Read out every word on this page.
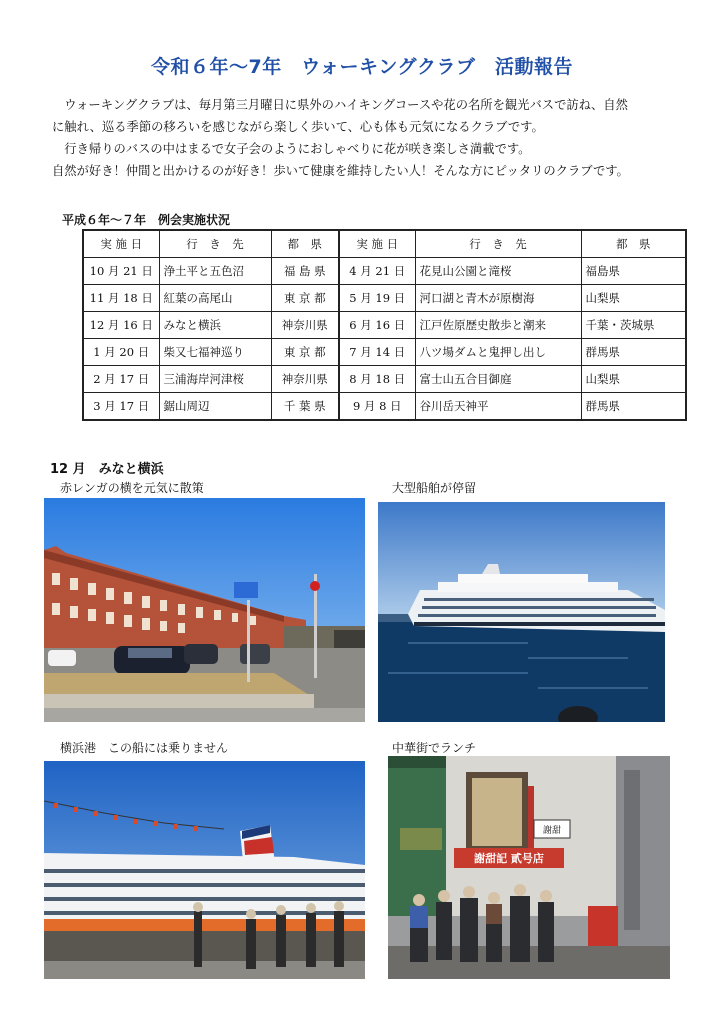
令和６年〜7年　ウォーキングクラブ　活動報告

　ウォーキングクラブは、毎月第三月曜日に県外のハイキングコースや花の名所を観光バスで訪ね、自然

に触れ、巡る季節の移ろいを感じながら楽しく歩いて、心も体も元気になるクラブです。

　行き帰りのバスの中はまるで女子会のようにおしゃべりに花が咲き楽しさ満載です。

自然が好き！仲間と出かけるのが好き！歩いて健康を維持したい人！そんな方にピッタリのクラブです。

平成６年〜７年　例会実施状況
実 施 日	行　き　先	都　県	実 施 日	行　き　先	都　県
10 月 21 日	浄土平と五色沼	福 島 県	4 月 21 日	花見山公園と滝桜	福島県
11 月 18 日	紅葉の高尾山	東 京 都	5 月 19 日	河口湖と青木が原樹海	山梨県
12 月 16 日	みなと横浜	神奈川県	6 月 16 日	江戸佐原歴史散歩と潮来	千葉・茨城県
1 月 20 日	柴又七福神巡り	東 京 都	7 月 14 日	八ツ場ダムと鬼押し出し	群馬県
2 月 17 日	三浦海岸河津桜	神奈川県	8 月 18 日	富士山五合目御庭	山梨県
3 月 17 日	鋸山周辺	千 葉 県	9 月 8 日	谷川岳天神平	群馬県
12 月　みなと横浜
赤レンガの横を元気に散策	大型船舶が停留
横浜港　この船には乗りません	中華街でランチ
謝甜記 貳号店
謝甜
